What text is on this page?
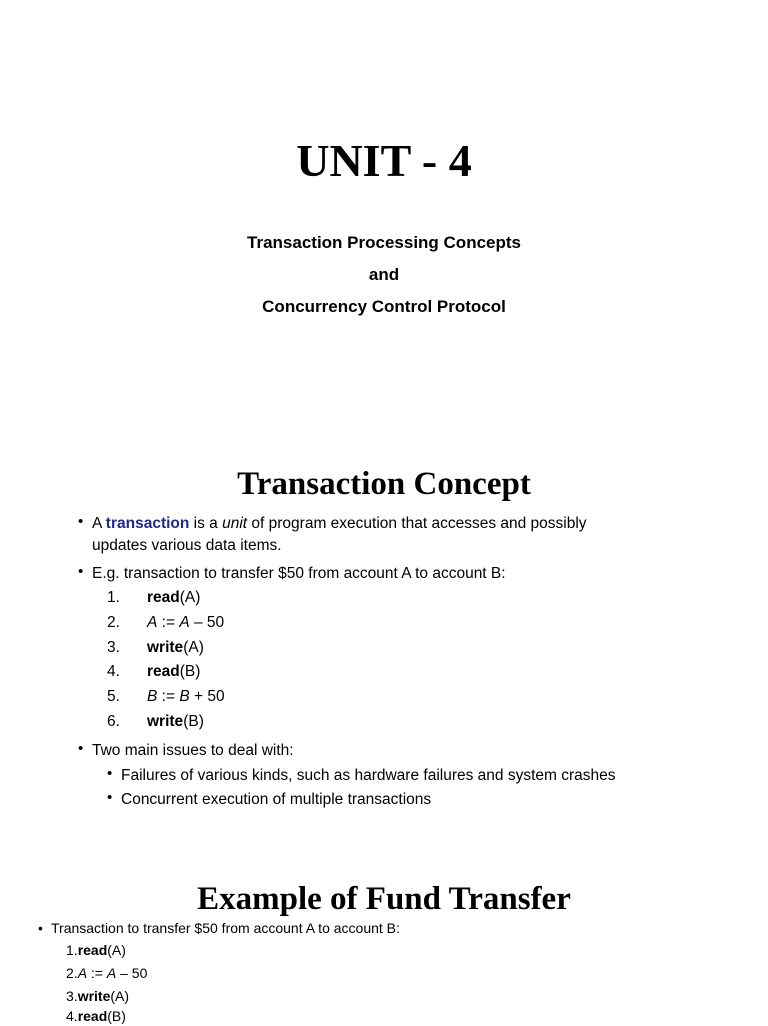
UNIT - 4
Transaction Processing Concepts
and
Concurrency Control Protocol
Transaction Concept
• A transaction is a unit of program execution that accesses and possibly
updates various data items.
• E.g. transaction to transfer $50 from account A to account B:
1. read(A)
2. A := A – 50
3. write(A)
4. read(B)
5. B := B + 50
6. write(B)
• Two main issues to deal with:
• Failures of various kinds, such as hardware failures and system crashes
• Concurrent execution of multiple transactions
Example of Fund Transfer
• Transaction to transfer $50 from account A to account B:
1.read(A)
2.A := A – 50
3.write(A)
4.read(B)
